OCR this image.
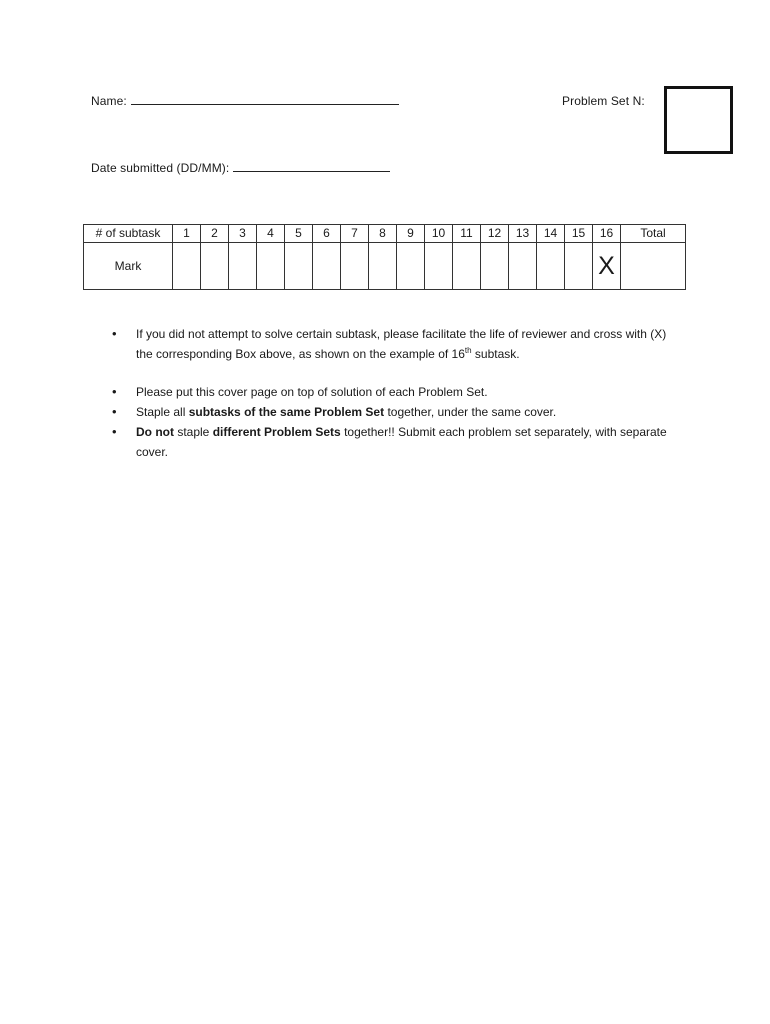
Name:	Problem Set N:
Date submitted (DD/MM):
# of subtask	1	2	3	4	5	6	7	8	9	10	11	12	13	14	15	16	Total
Mark																X	
• If you did not attempt to solve certain subtask, please facilitate the life of reviewer and cross with (X) the corresponding Box above, as shown on the example of 16th subtask.
• Please put this cover page on top of solution of each Problem Set.
• Staple all subtasks of the same Problem Set together, under the same cover.
• Do not staple different Problem Sets together!! Submit each problem set separately, with separate cover.
